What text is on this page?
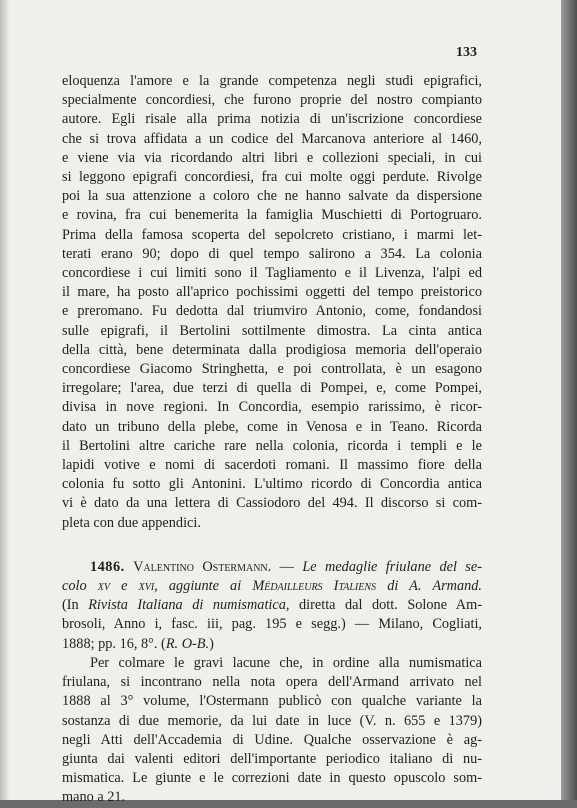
133
eloquenza l'amore e la grande competenza negli studi epigrafici,
specialmente concordiesi, che furono proprie del nostro compianto
autore. Egli risale alla prima notizia di un'iscrizione concordiese
che si trova affidata a un codice del Marcanova anteriore al 1460,
e viene via via ricordando altri libri e collezioni speciali, in cui
si leggono epigrafi concordiesi, fra cui molte oggi perdute. Rivolge
poi la sua attenzione a coloro che ne hanno salvate da dispersione
e rovina, fra cui benemerita la famiglia Muschietti di Portogruaro.
Prima della famosa scoperta del sepolcreto cristiano, i marmi let-
terati erano 90; dopo di quel tempo salirono a 354. La colonia
concordiese i cui limiti sono il Tagliamento e il Livenza, l'alpi ed
il mare, ha posto all'aprico pochissimi oggetti del tempo preistorico
e preromano. Fu dedotta dal triumviro Antonio, come, fondandosi
sulle epigrafi, il Bertolini sottilmente dimostra. La cinta antica
della città, bene determinata dalla prodigiosa memoria dell'operaio
concordiese Giacomo Stringhetta, e poi controllata, è un esagono
irregolare; l'area, due terzi di quella di Pompei, e, come Pompei,
divisa in nove regioni. In Concordia, esempio rarissimo, è ricor-
dato un tribuno della plebe, come in Venosa e in Teano. Ricorda
il Bertolini altre cariche rare nella colonia, ricorda i templi e le
lapidi votive e nomi di sacerdoti romani. Il massimo fiore della
colonia fu sotto gli Antonini. L'ultimo ricordo di Concordia antica
vi è dato da una lettera di Cassiodoro del 494. Il discorso si com-
pleta con due appendici.
1486. Valentino Ostermann. — Le medaglie friulane del se-
colo xv e xvi, aggiunte ai Médailleurs Italiens di A. Armand.
(In Rivista Italiana di numismatica, diretta dal dott. Solone Am-
brosoli, Anno i, fasc. iii, pag. 195 e segg.) — Milano, Cogliati,
1888; pp. 16, 8°. (R. O-B.)
Per colmare le gravi lacune che, in ordine alla numismatica
friulana, si incontrano nella nota opera dell'Armand arrivato nel
1888 al 3° volume, l'Ostermann publicò con qualche variante la
sostanza di due memorie, da lui date in luce (V. n. 655 e 1379)
negli Atti dell'Accademia di Udine. Qualche osservazione è ag-
giunta dai valenti editori dell'importante periodico italiano di nu-
mismatica. Le giunte e le correzioni date in questo opuscolo som-
mano a 21.
